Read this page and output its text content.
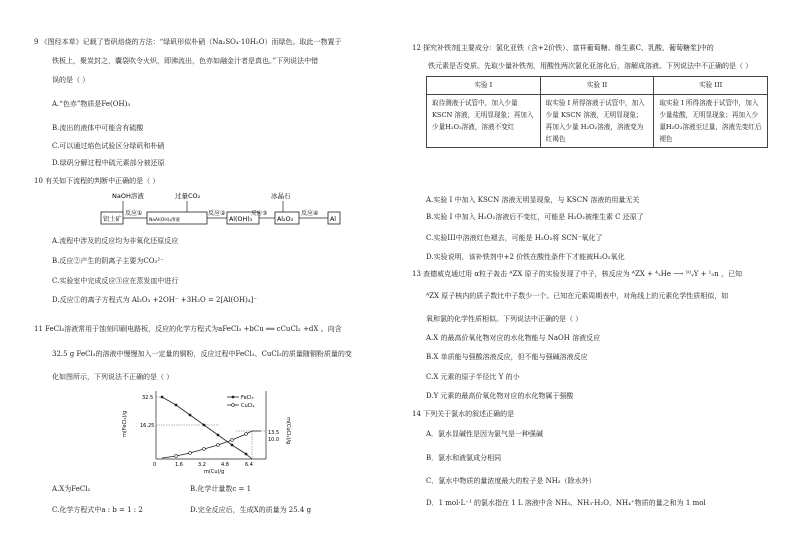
9 《图经本草》记载了皆矾焙烧的方法：“绿矾形似朴硝（Na₂SO₄·10H₂O）而绿色。取此一物置于
铁板上，聚炭封之，囊袋吹令火炽，即沸流出，色赤如融金汁者是真也。”下列说法中错
误的是（ ）
A.“色赤”物质是Fe(OH)₃
B.流出的液体中可能含有硫酸
C.可以通过焰色试验区分绿矾和朴硝
D.绿矾分解过程中硫元素部分被还原
10 有关如下流程的判断中正确的是（ ）
NaOH溶液	过量CO₂	冰晶石
铝土矿
反应①
NaAl(OH)₄溶液
反应②
Al(OH)₃
反应③
Al₂O₃
反应④
Al
A.流程中涉及的反应均为非氧化还原反应
B.反应②产生的阴离子主要为CO₃²⁻
C.实验室中完成反应③应在蒸发皿中进行
D.反应①的离子方程式为 Al₂O₃ +2OH⁻ +3H₂O = 2[Al(OH)₄]⁻
11 FeCl₃溶液常用于蚀刻印刷电路板，反应的化学方程式为aFeCl₃ +bCu ══ cCuCl₂ +dX 。向含
32.5 g FeCl₃的溶液中慢慢加入一定量的铜粉，反应过程中FeCl₃、CuCl₂的质量随铜粉质量的变
化如图所示，下列说法不正确的是（ ）
m(FeCl₃)/g	m(CuCl₂)/g
32.5
16.25
13.5
10.0
0	1.6	3.2	4.8	6.4
m(Cu)/g
FeCl₃
CuCl₂
A.X为FeCl₂	B.化学计量数c = 1
C.化学方程式中a : b = 1 : 2	D.完全反应后，生成X的质量为 25.4 g
12 探究补铁剂[主要成分：氯化亚铁（含+2价铁）、富祥葡萄糖、维生素C、乳酸、葡萄糖浆]中的
铁元素是否变质。先取少量补铁剂，用酸性两次氯化亚溶化后，溶解成溶液。下列说法中不正确的是（ ）
实验 I	实验 II	实验 III
取待测液于试管中，加入少量 KSCN 溶液，无明显现象；再加入少量H₂O₂溶液，溶液不变红	取实验 I 所得溶液于试管中，加入少量 KSCN 溶液，无明显现象；再加入少量 H₂O₂溶液，溶液变为红褐色	取实验 I 所得溶液于试管中，加入少量盐酸，无明显现象；再加入少量H₂O₂溶液至过量，溶液先变红后褪色
A.实验 I 中加入 KSCN 溶液无明显现象，与 KSCN 溶液的用量无关
B.实验 I 中加入 H₂O₂溶液后不变红，可能是 H₂O₂被维生素 C 还原了
C.实验III中溶液红色褪去，可能是 H₂O₂将 SCN⁻氧化了
D.实验说明，该补铁剂中+2 价铁在酸性条件下才能被H₂O₂氧化
13 查德威克通过用 α粒子轰击 ᴬZX 原子的实验发现了中子，核反应为 ᴬZX + ⁴₂He ⟶ ¹⁰ᵧY + ¹₀n ，已知
ᴬZX 原子核内的质子数比中子数少一个。已知在元素周期表中，对角线上的元素化学性质相似，如
氧和氯的化学性质相似。下列说法中正确的是（ ）
A.X 的最高价氧化物对应的水化物能与 NaOH 溶液反应
B.X 单质能与强酸溶液反应，但不能与强碱溶液反应
C.X 元素的原子半径比 Y 的小
D.Y 元素的最高价氧化物对应的水化物属于强酸
14 下列关于氯水的叙述正确的是
A．氯水显碱性是因为氯气是一种强碱
B．氯水和液氯成分相同
C．氯水中物质的量浓度最大的粒子是 NH₃（除水外）
D．1 mol·L⁻¹ 的氯水指在 1 L 溶液中含 NH₃、NH₃·H₂O、NH₄⁺物质的量之和为 1 mol
